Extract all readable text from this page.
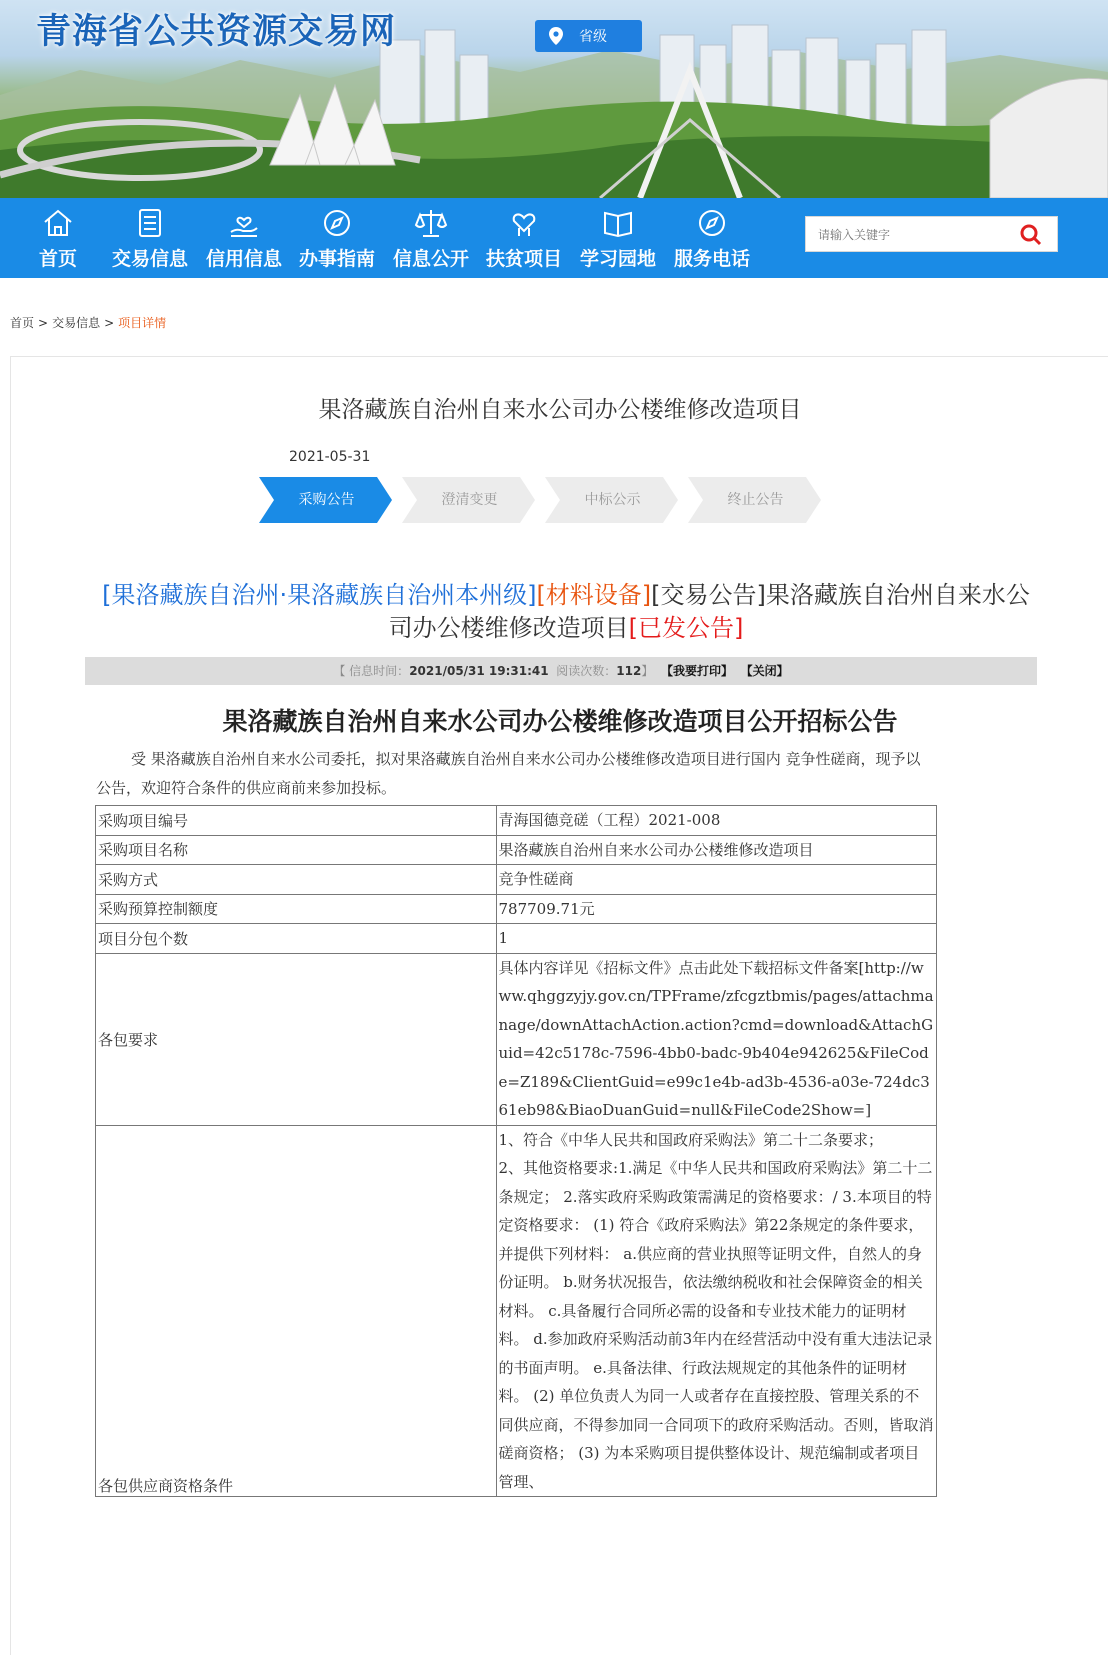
青海省公共资源交易网	省级
首页 交易信息 信用信息 办事指南 信息公开 扶贫项目 学习园地 服务电话
请输入关键字
首页 > 交易信息 > 项目详情
果洛藏族自治州自来水公司办公楼维修改造项目
2021-05-31
采购公告	澄清变更	中标公示	终止公告
[果洛藏族自治州·果洛藏族自治州本州级][材料设备][交易公告]果洛藏族自治州自来水公司办公楼维修改造项目[已发公告]
【 信息时间：2021/05/31 19:31:41 阅读次数：112】 【我要打印】 【关闭】
果洛藏族自治州自来水公司办公楼维修改造项目公开招标公告
受 果洛藏族自治州自来水公司委托，拟对果洛藏族自治州自来水公司办公楼维修改造项目进行国内 竞争性磋商，现予以公告，欢迎符合条件的供应商前来参加投标。
采购项目编号	青海国德竞磋（工程）2021-008
采购项目名称	果洛藏族自治州自来水公司办公楼维修改造项目
采购方式	竞争性磋商
采购预算控制额度	787709.71元
项目分包个数	1
各包要求	具体内容详见《招标文件》点击此处下载招标文件备案[http://www.qhggzyjy.gov.cn/TPFrame/zfcgztbmis/pages/attachmanage/downAttachAction.action?cmd=download&AttachGuid=42c5178c-7596-4bb0-badc-9b404e942625&FileCode=Z189&ClientGuid=e99c1e4b-ad3b-4536-a03e-724dc361eb98&BiaoDuanGuid=null&FileCode2Show=]
各包供应商资格条件	1、符合《中华人民共和国政府采购法》第二十二条要求；

2、其他资格要求:1.满足《中华人民共和国政府采购法》第二十二条规定； 2.落实政府采购政策需满足的资格要求：/ 3.本项目的特定资格要求： (1) 符合《政府采购法》第22条规定的条件要求，并提供下列材料： a.供应商的营业执照等证明文件，自然人的身份证明。 b.财务状况报告，依法缴纳税收和社会保障资金的相关材料。 c.具备履行合同所必需的设备和专业技术能力的证明材料。 d.参加政府采购活动前3年内在经营活动中没有重大违法记录的书面声明。 e.具备法律、行政法规规定的其他条件的证明材料。 (2) 单位负责人为同一人或者存在直接控股、管理关系的不同供应商，不得参加同一合同项下的政府采购活动。否则，皆取消磋商资格； (3) 为本采购项目提供整体设计、规范编制或者项目管理、
